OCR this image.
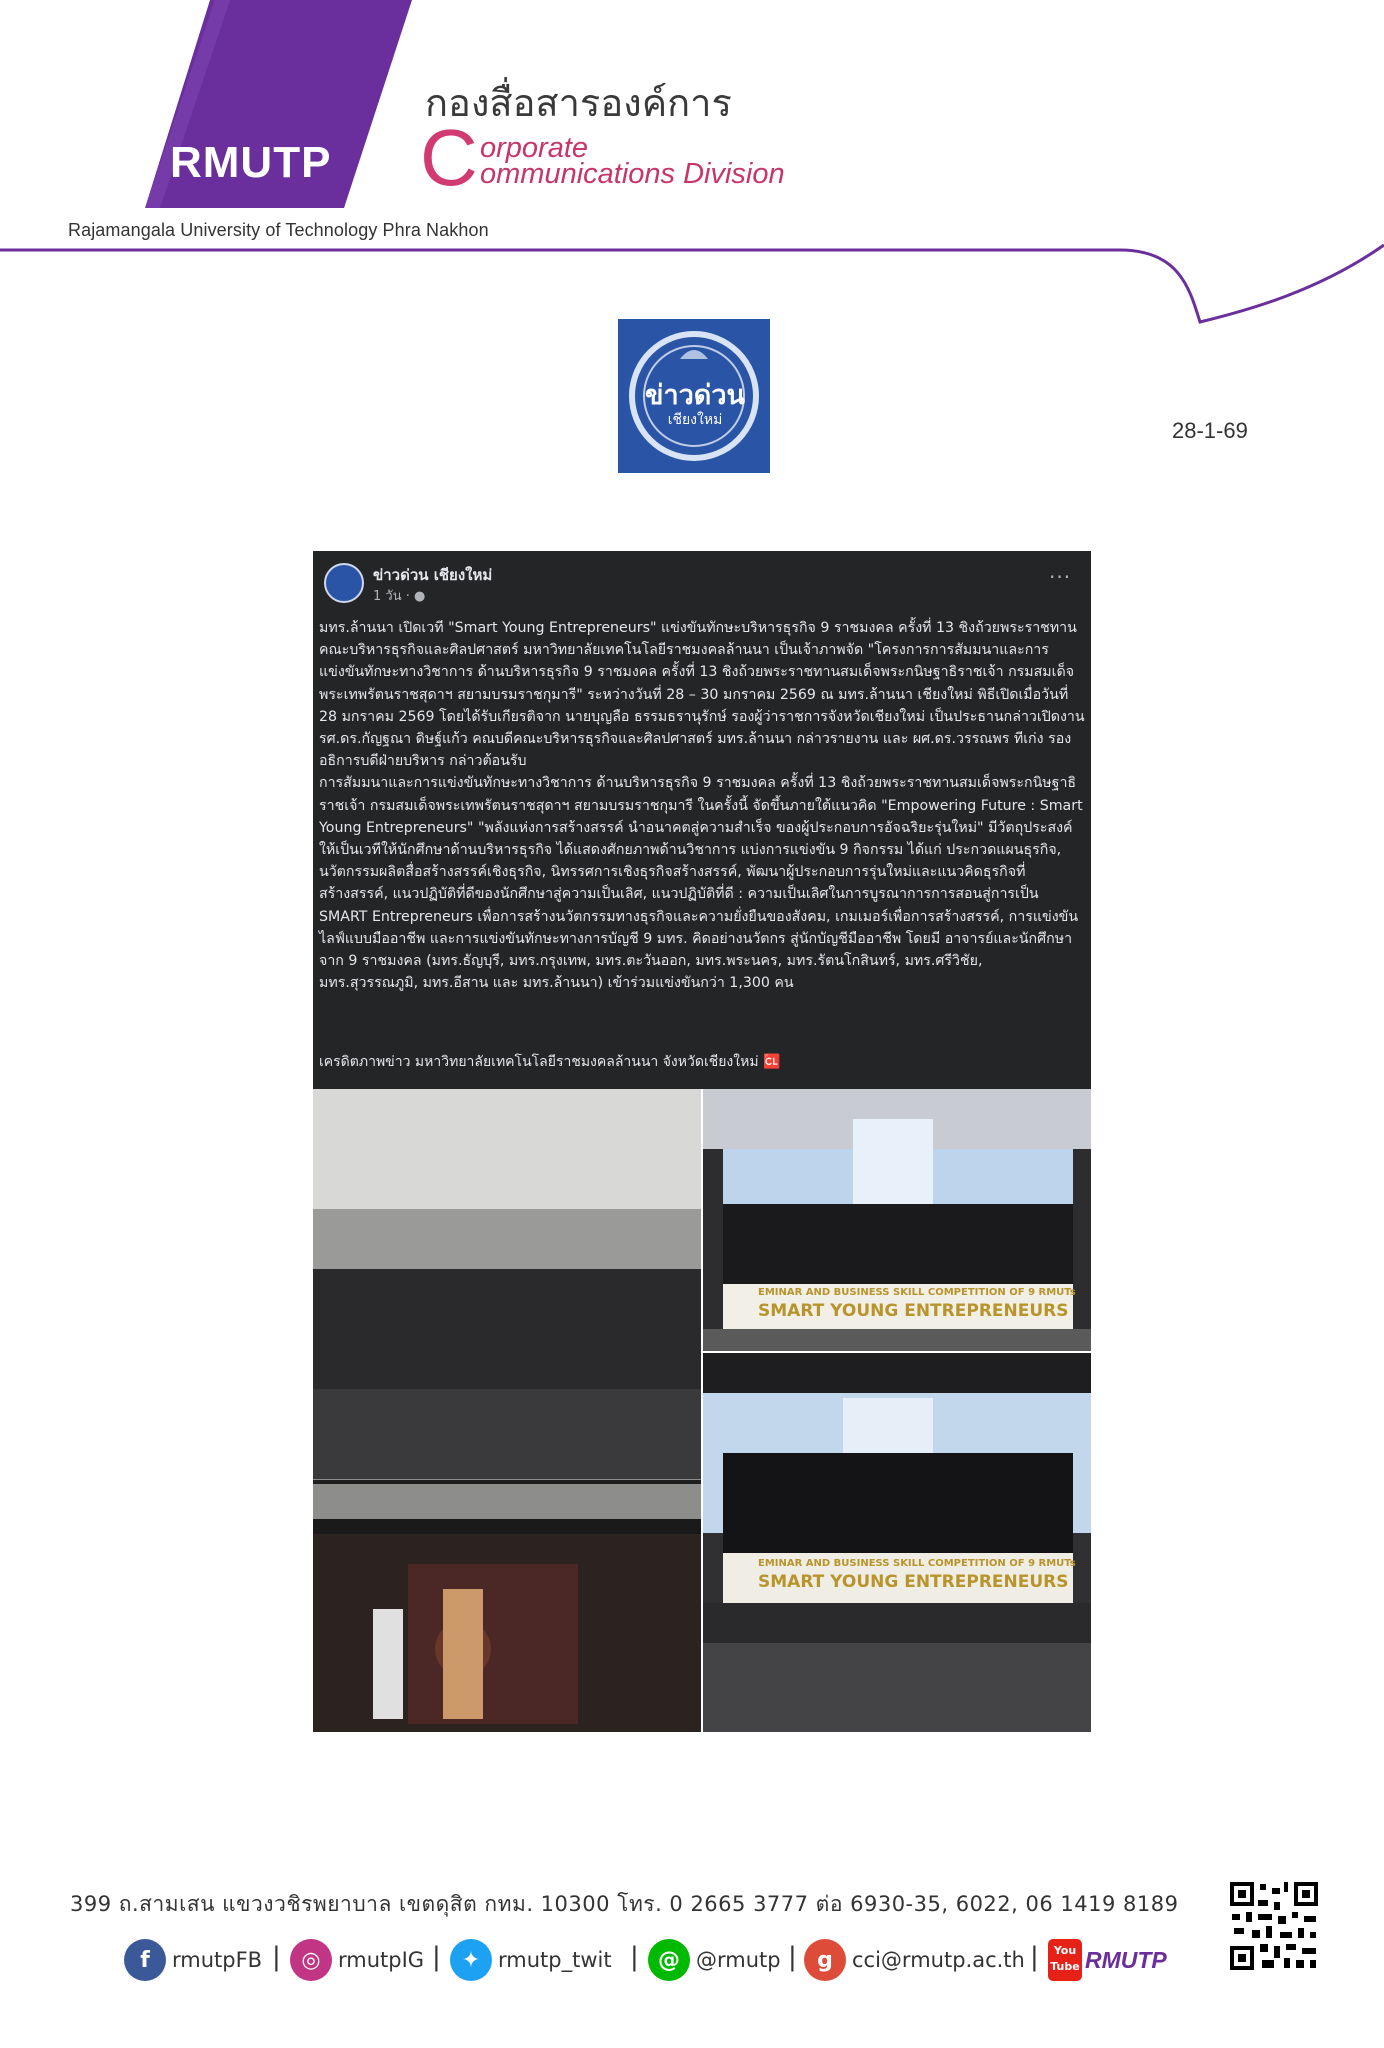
RMUTP
Rajamangala University of Technology Phra Nakhon
กองสื่อสารองค์การ
C orporate
ommunications Division
ข่าวด่วน
เชียงใหม่	28-1-69
ข่าวด่วน เชียงใหม่
1 วัน · ●
···
มทร.ล้านนา เปิดเวที "Smart Young Entrepreneurs" แข่งขันทักษะบริหารธุรกิจ 9 ราชมงคล ครั้งที่ 13 ชิงถ้วยพระราชทาน
คณะบริหารธุรกิจและศิลปศาสตร์ มหาวิทยาลัยเทคโนโลยีราชมงคลล้านนา เป็นเจ้าภาพจัด "โครงการการสัมมนาและการแข่งขันทักษะทางวิชาการ ด้านบริหารธุรกิจ 9 ราชมงคล ครั้งที่ 13 ชิงถ้วยพระราชทานสมเด็จพระกนิษฐาธิราชเจ้า กรมสมเด็จพระเทพรัตนราชสุดาฯ สยามบรมราชกุมารี" ระหว่างวันที่ 28 – 30 มกราคม 2569 ณ มทร.ล้านนา เชียงใหม่ พิธีเปิดเมื่อวันที่ 28 มกราคม 2569 โดยได้รับเกียรติจาก นายบุญลือ ธรรมธรานุรักษ์ รองผู้ว่าราชการจังหวัดเชียงใหม่ เป็นประธานกล่าวเปิดงาน รศ.ดร.กัญฐณา ดิษฐ์แก้ว คณบดีคณะบริหารธุรกิจและศิลปศาสตร์ มทร.ล้านนา กล่าวรายงาน และ ผศ.ดร.วรรณพร ทีเก่ง รองอธิการบดีฝ่ายบริหาร กล่าวต้อนรับ
การสัมมนาและการแข่งขันทักษะทางวิชาการ ด้านบริหารธุรกิจ 9 ราชมงคล ครั้งที่ 13 ชิงถ้วยพระราชทานสมเด็จพระกนิษฐาธิราชเจ้า กรมสมเด็จพระเทพรัตนราชสุดาฯ สยามบรมราชกุมารี ในครั้งนี้ จัดขึ้นภายใต้แนวคิด "Empowering Future : Smart Young Entrepreneurs" "พลังแห่งการสร้างสรรค์ นำอนาคตสู่ความสำเร็จ ของผู้ประกอบการอัจฉริยะรุ่นใหม่" มีวัตถุประสงค์ให้เป็นเวทีให้นักศึกษาด้านบริหารธุรกิจ ได้แสดงศักยภาพด้านวิชาการ แบ่งการแข่งขัน 9 กิจกรรม ได้แก่ ประกวดแผนธุรกิจ, นวัตกรรมผลิตสื่อสร้างสรรค์เชิงธุรกิจ, นิทรรศการเชิงธุรกิจสร้างสรรค์, พัฒนาผู้ประกอบการรุ่นใหม่และแนวคิดธุรกิจที่สร้างสรรค์, แนวปฏิบัติที่ดีของนักศึกษาสู่ความเป็นเลิศ, แนวปฏิบัติที่ดี : ความเป็นเลิศในการบูรณาการการสอนสู่การเป็น SMART Entrepreneurs เพื่อการสร้างนวัตกรรมทางธุรกิจและความยั่งยืนของสังคม, เกมเมอร์เพื่อการสร้างสรรค์, การแข่งขันไลฟ์แบบมืออาชีพ และการแข่งขันทักษะทางการบัญชี 9 มทร. คิดอย่างนวัตกร สู่นักบัญชีมืออาชีพ โดยมี อาจารย์และนักศึกษาจาก 9 ราชมงคล (มทร.ธัญบุรี, มทร.กรุงเทพ, มทร.ตะวันออก, มทร.พระนคร, มทร.รัตนโกสินทร์, มทร.ศรีวิชัย, มทร.สุวรรณภูมิ, มทร.อีสาน และ มทร.ล้านนา) เข้าร่วมแข่งขันกว่า 1,300 คน
เครดิตภาพข่าว มหาวิทยาลัยเทคโนโลยีราชมงคลล้านนา จังหวัดเชียงใหม่ 🆑
EMINAR AND BUSINESS SKILL COMPETITION OF 9 RMUTs
SMART YOUNG ENTREPRENEURS
EMINAR AND BUSINESS SKILL COMPETITION OF 9 RMUTs
SMART YOUNG ENTREPRENEURS
399 ถ.สามเสน แขวงวชิรพยาบาล เขตดุสิต กทม. 10300 โทร. 0 2665 3777 ต่อ 6930-35, 6022, 06 1419 8189
f	rmutpFB | ◎ rmutpIG | ✦ rmutp_twit | @ @rmutp | g cci@rmutp.ac.th |	You
Tube RMUTP
